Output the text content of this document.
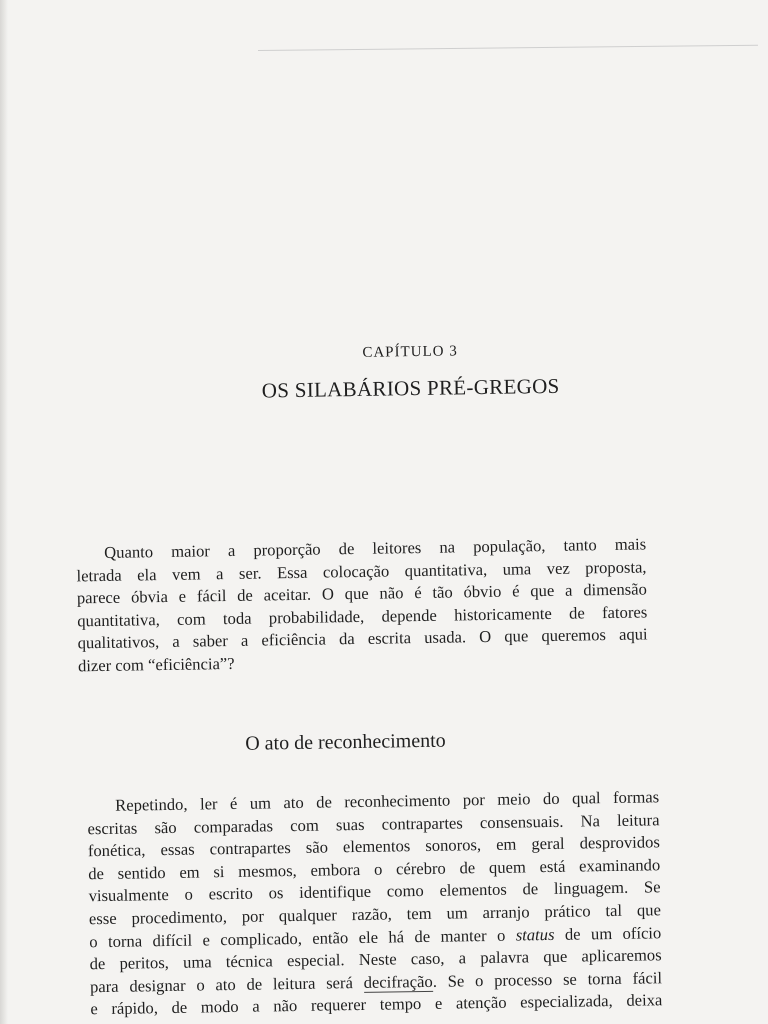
CAPÍTULO 3
OS SILABÁRIOS PRÉ-GREGOS

Quanto maior a proporção de leitores na população, tanto mais
letrada ela vem a ser. Essa colocação quantitativa, uma vez proposta,
parece óbvia e fácil de aceitar. O que não é tão óbvio é que a dimensão
quantitativa, com toda probabilidade, depende historicamente de fatores
qualitativos, a saber a eficiência da escrita usada. O que queremos aqui
dizer com “eficiência”?

O ato de reconhecimento

Repetindo, ler é um ato de reconhecimento por meio do qual formas
escritas são comparadas com suas contrapartes consensuais. Na leitura
fonética, essas contrapartes são elementos sonoros, em geral desprovidos
de sentido em si mesmos, embora o cérebro de quem está examinando
visualmente o escrito os identifique como elementos de linguagem. Se
esse procedimento, por qualquer razão, tem um arranjo prático tal que
o torna difícil e complicado, então ele há de manter o status de um ofício
de peritos, uma técnica especial. Neste caso, a palavra que aplicaremos
para designar o ato de leitura será decifração. Se o processo se torna fácil
e rápido, de modo a não requerer tempo e atenção especializada, deixa
